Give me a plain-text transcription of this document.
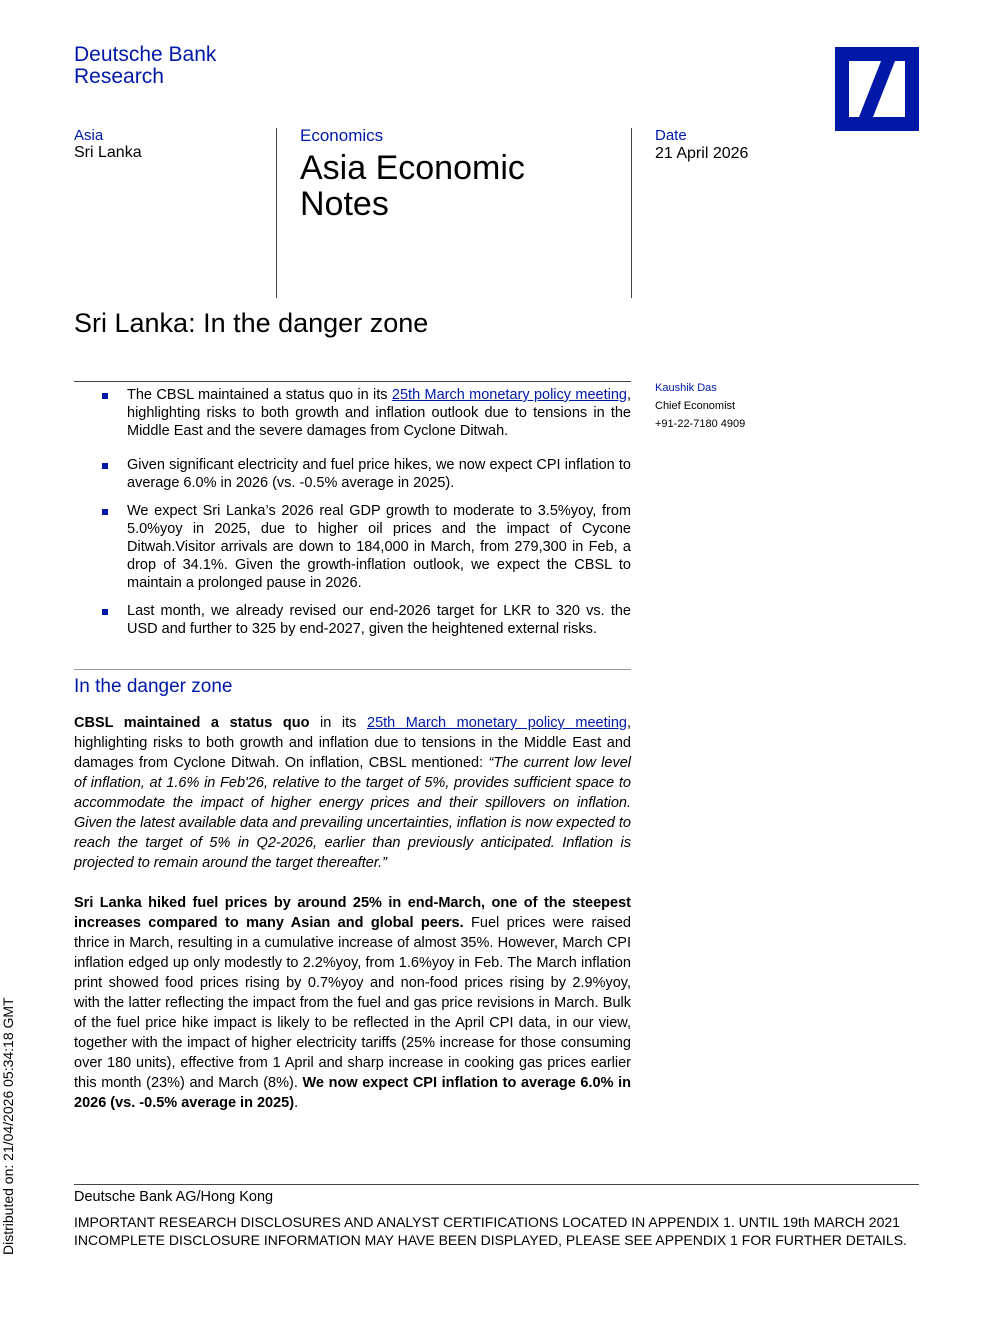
Deutsche Bank
Research
Asia
Sri Lanka
Economics
Asia Economic
Notes
Date
21 April 2026
Sri Lanka: In the danger zone
Kaushik Das
Chief Economist
+91-22-7180 4909
The CBSL maintained a status quo in its 25th March monetary policy meeting, highlighting risks to both growth and inflation outlook due to tensions in the Middle East and the severe damages from Cyclone Ditwah.
Given significant electricity and fuel price hikes, we now expect CPI inflation to average 6.0% in 2026 (vs. -0.5% average in 2025).
We expect Sri Lanka’s 2026 real GDP growth to moderate to 3.5%yoy, from 5.0%yoy in 2025, due to higher oil prices and the impact of Cycone Ditwah.Visitor arrivals are down to 184,000 in March, from 279,300 in Feb, a drop of 34.1%. Given the growth-inflation outlook, we expect the CBSL to maintain a prolonged pause in 2026.
Last month, we already revised our end-2026 target for LKR to 320 vs. the USD and further to 325 by end-2027, given the heightened external risks.
In the danger zone
CBSL maintained a status quo in its 25th March monetary policy meeting, highlighting risks to both growth and inflation due to tensions in the Middle East and damages from Cyclone Ditwah. On inflation, CBSL mentioned: “The current low level of inflation, at 1.6% in Feb'26, relative to the target of 5%, provides sufficient space to accommodate the impact of higher energy prices and their spillovers on inflation. Given the latest available data and prevailing uncertainties, inflation is now expected to reach the target of 5% in Q2-2026, earlier than previously anticipated. Inflation is projected to remain around the target thereafter.”
Sri Lanka hiked fuel prices by around 25% in end-March, one of the steepest increases compared to many Asian and global peers. Fuel prices were raised thrice in March, resulting in a cumulative increase of almost 35%. However, March CPI inflation edged up only modestly to 2.2%yoy, from 1.6%yoy in Feb. The March inflation print showed food prices rising by 0.7%yoy and non-food prices rising by 2.9%yoy, with the latter reflecting the impact from the fuel and gas price revisions in March. Bulk of the fuel price hike impact is likely to be reflected in the April CPI data, in our view, together with the impact of higher electricity tariffs (25% increase for those consuming over 180 units), effective from 1 April and sharp increase in cooking gas prices earlier this month (23%) and March (8%). We now expect CPI inflation to average 6.0% in 2026 (vs. -0.5% average in 2025).
Deutsche Bank AG/Hong Kong
IMPORTANT RESEARCH DISCLOSURES AND ANALYST CERTIFICATIONS LOCATED IN APPENDIX 1. UNTIL 19th MARCH 2021 INCOMPLETE DISCLOSURE INFORMATION MAY HAVE BEEN DISPLAYED, PLEASE SEE APPENDIX 1 FOR FURTHER DETAILS.
Distributed on: 21/04/2026 05:34:18 GMT
